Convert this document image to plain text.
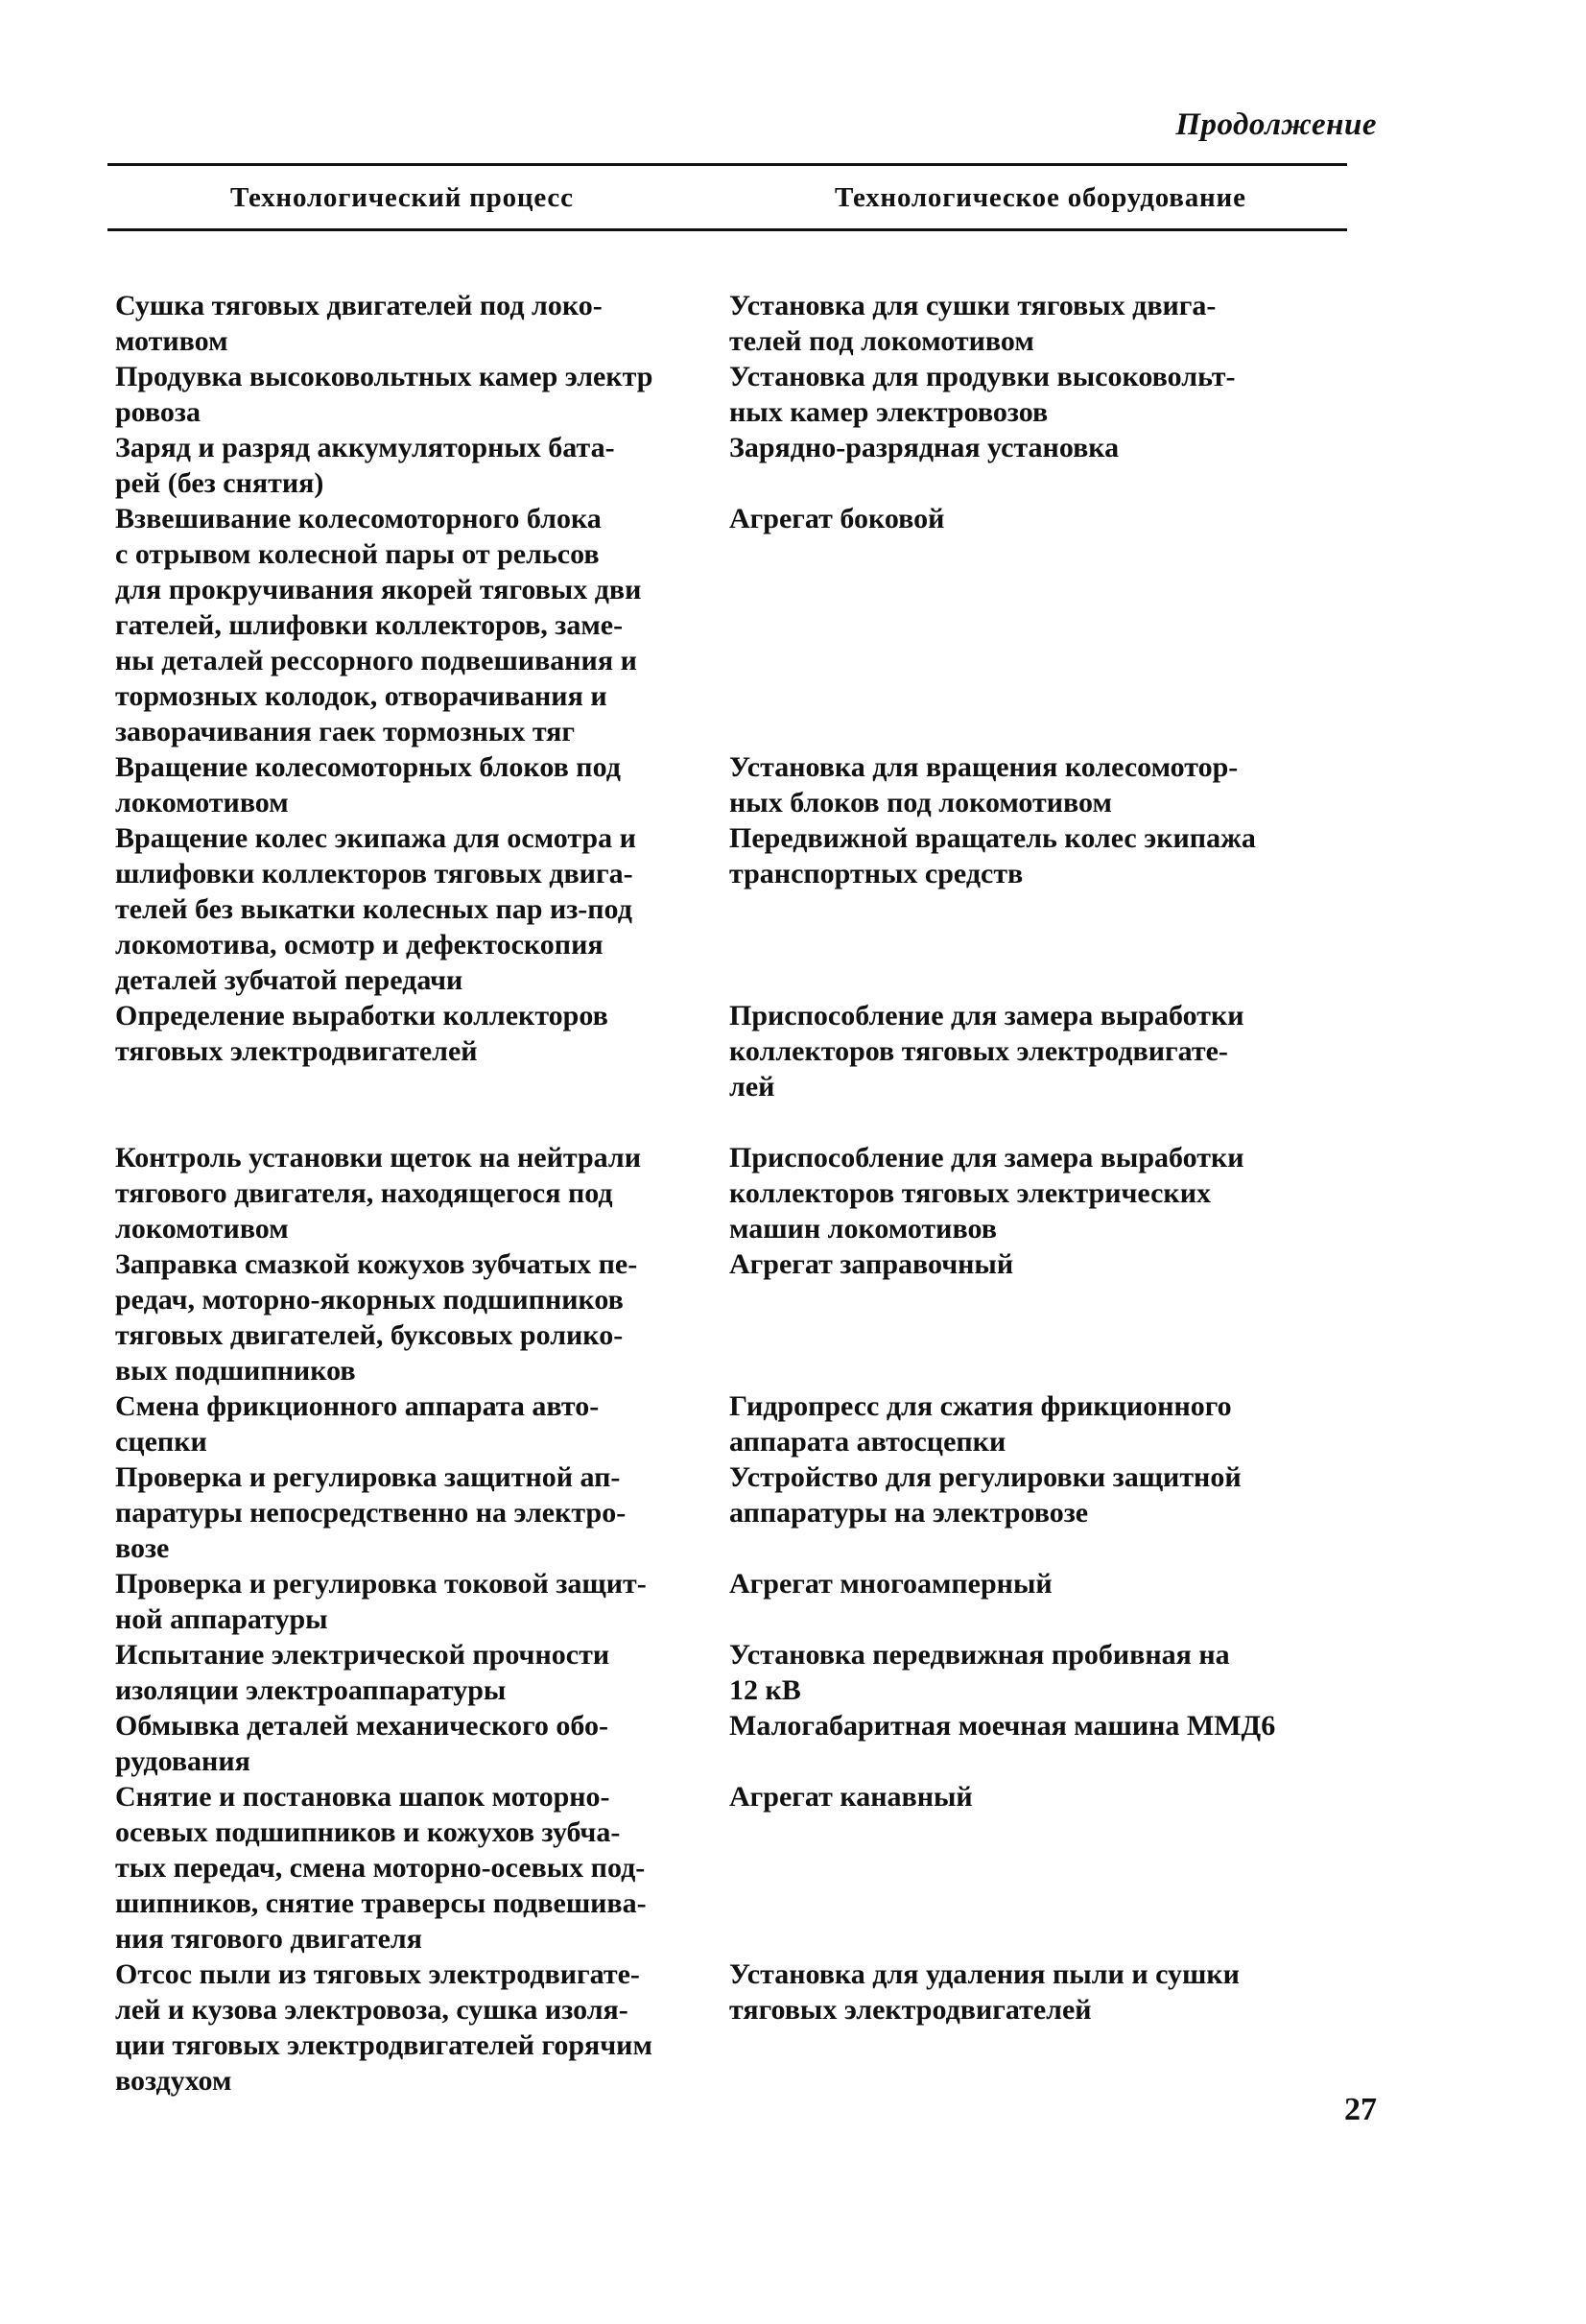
Продолжение
Технологический процесс	Технологическое оборудование
Сушка тяговых двигателей под локо-
мотивом
Установка для сушки тяговых двига-
телей под локомотивом
Продувка высоковольтных камер электр
ровоза
Установка для продувки высоковольт-
ных камер электровозов
Заряд и разряд аккумуляторных бата-
рей (без снятия)
Зарядно-разрядная установка
Взвешивание колесомоторного блока
с отрывом колесной пары от рельсов
для прокручивания якорей тяговых дви
гателей, шлифовки коллекторов, заме-
ны деталей рессорного подвешивания и
тормозных колодок, отворачивания и
заворачивания гаек тормозных тяг
Агрегат боковой
Вращение колесомоторных блоков под
локомотивом
Установка для вращения колесомотор-
ных блоков под локомотивом
Вращение колес экипажа для осмотра и
шлифовки коллекторов тяговых двига-
телей без выкатки колесных пар из-под
локомотива, осмотр и дефектоскопия
деталей зубчатой передачи
Передвижной вращатель колес экипажа
транспортных средств
Определение выработки коллекторов
тяговых электродвигателей
Приспособление для замера выработки
коллекторов тяговых электродвигате-
лей
Контроль установки щеток на нейтрали
тягового двигателя, находящегося под
локомотивом
Приспособление для замера выработки
коллекторов тяговых электрических
машин локомотивов
Заправка смазкой кожухов зубчатых пе-
редач, моторно-якорных подшипников
тяговых двигателей, буксовых ролико-
вых подшипников
Агрегат заправочный
Смена фрикционного аппарата авто-
сцепки
Гидропресс для сжатия фрикционного
аппарата автосцепки
Проверка и регулировка защитной ап-
паратуры непосредственно на электро-
возе
Устройство для регулировки защитной
аппаратуры на электровозе
Проверка и регулировка токовой защит-
ной аппаратуры
Агрегат многоамперный
Испытание электрической прочности
изоляции электроаппаратуры
Установка передвижная пробивная на
12 кВ
Обмывка деталей механического обо-
рудования
Малогабаритная моечная машина ММД6
Снятие и постановка шапок моторно-
осевых подшипников и кожухов зубча-
тых передач, смена моторно-осевых под-
шипников, снятие траверсы подвешива-
ния тягового двигателя
Агрегат канавный
Отсос пыли из тяговых электродвигате-
лей и кузова электровоза, сушка изоля-
ции тяговых электродвигателей горячим
воздухом
Установка для удаления пыли и сушки
тяговых электродвигателей
27
